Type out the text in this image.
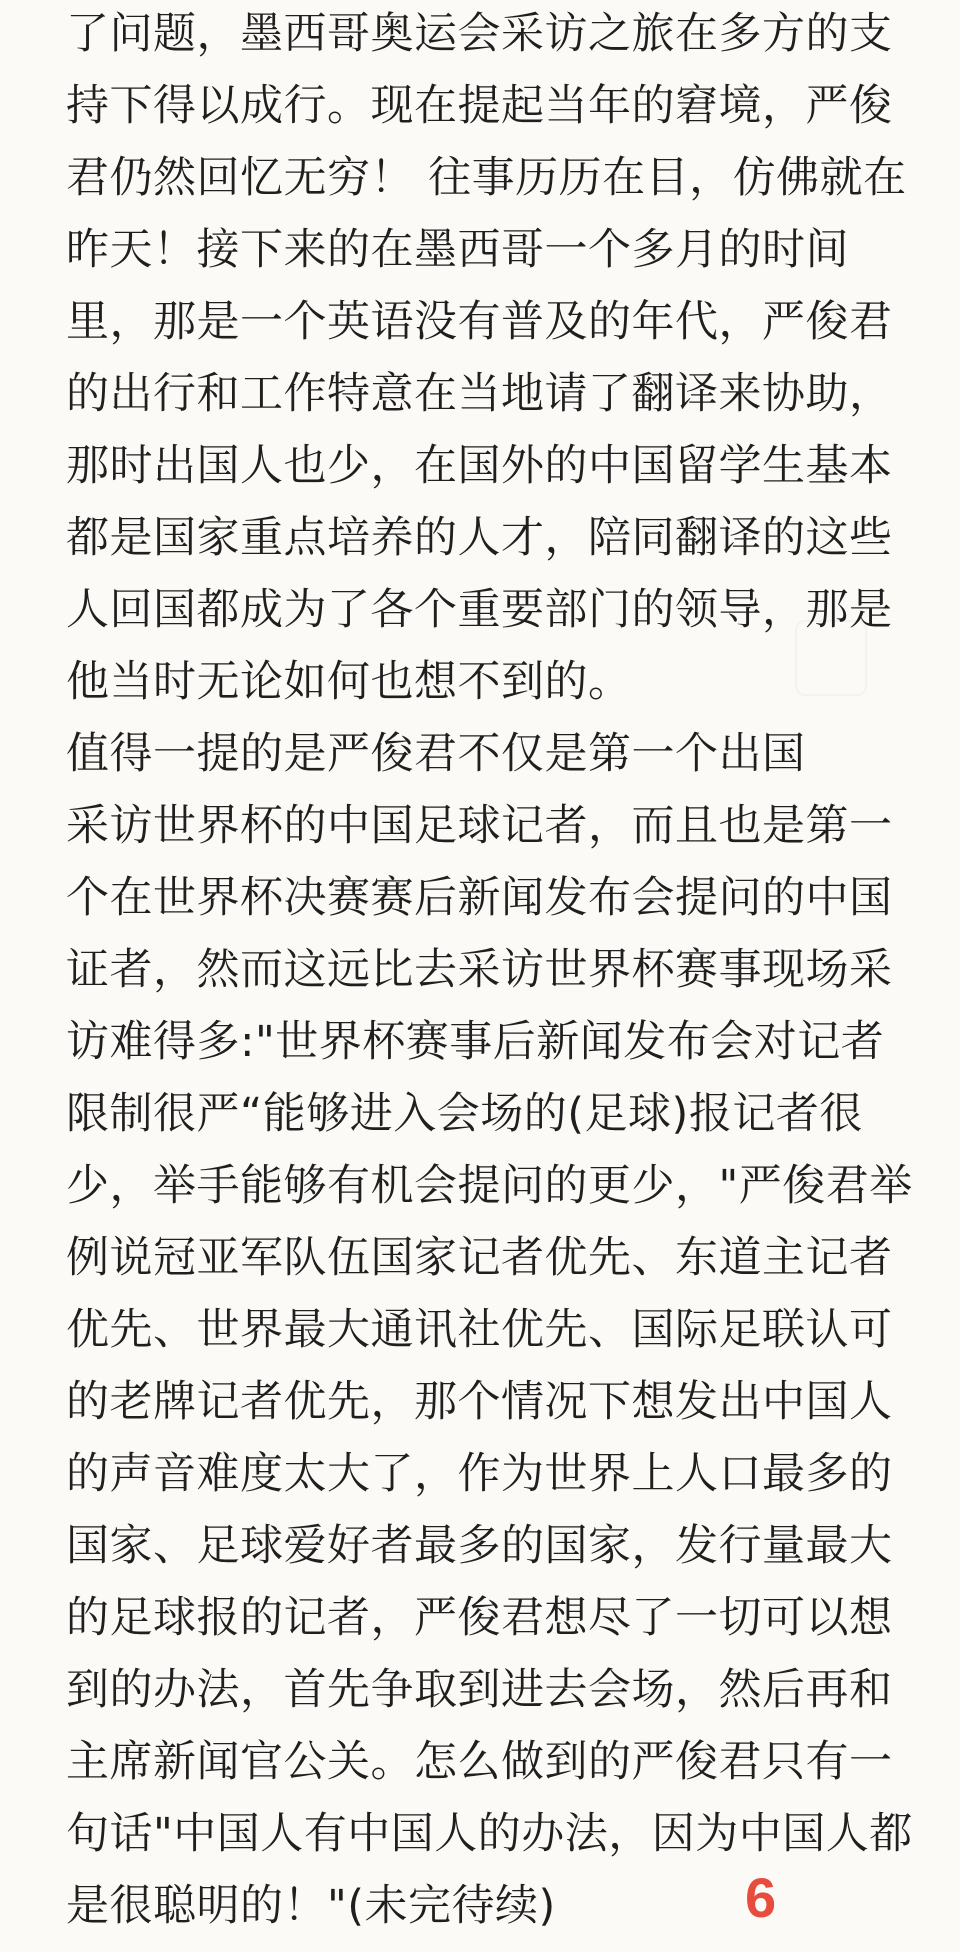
了问题，墨西哥奥运会采访之旅在多方的支
持下得以成行。现在提起当年的窘境，严俊
君仍然回忆无穷！ 往事历历在目，仿佛就在
昨天！接下来的在墨西哥一个多月的时间
里，那是一个英语没有普及的年代，严俊君
的出行和工作特意在当地请了翻译来协助，
那时出国人也少，在国外的中国留学生基本
都是国家重点培养的人才，陪同翻译的这些
人回国都成为了各个重要部门的领导，那是
他当时无论如何也想不到的。
值得一提的是严俊君不仅是第一个出国
采访世界杯的中国足球记者，而且也是第一
个在世界杯决赛赛后新闻发布会提问的中国
证者，然而这远比去采访世界杯赛事现场采
访难得多:"世界杯赛事后新闻发布会对记者
限制很严“能够进入会场的(足球)报记者很
少，举手能够有机会提问的更少，"严俊君举
例说冠亚军队伍国家记者优先、东道主记者
优先、世界最大通讯社优先、国际足联认可
的老牌记者优先，那个情况下想发出中国人
的声音难度太大了，作为世界上人口最多的
国家、足球爱好者最多的国家，发行量最大
的足球报的记者，严俊君想尽了一切可以想
到的办法，首先争取到进去会场，然后再和
主席新闻官公关。怎么做到的严俊君只有一
句话"中国人有中国人的办法，因为中国人都
是很聪明的！"(未完待续)	6
